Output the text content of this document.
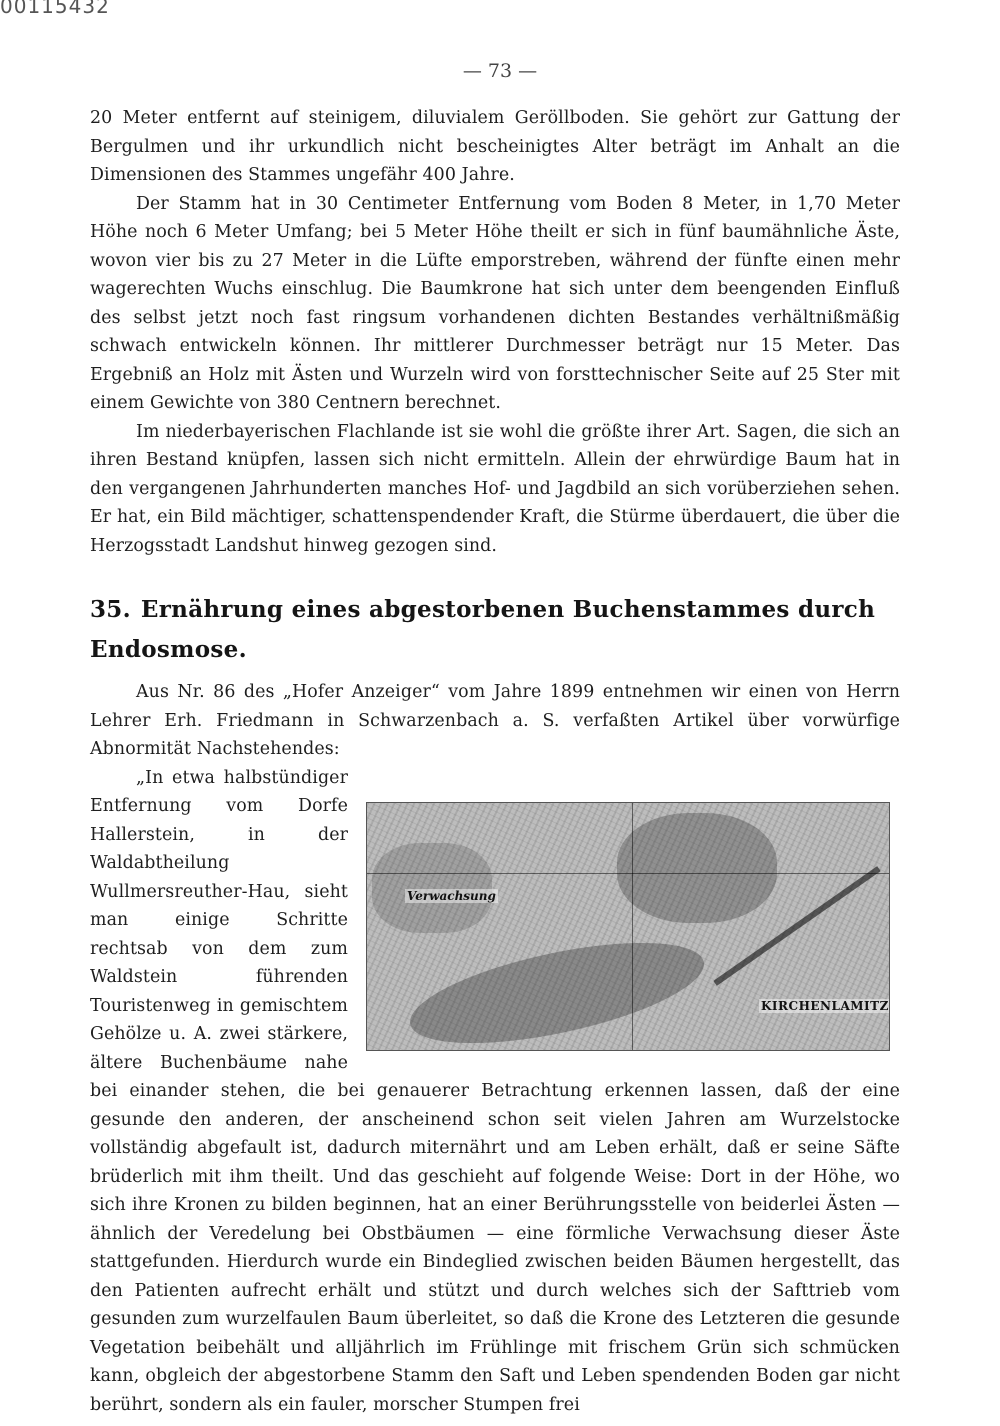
00115432
— 73 —

20 Meter entfernt auf steinigem, diluvialem Geröllboden. Sie gehört zur Gattung der Bergulmen und ihr urkundlich nicht bescheinigtes Alter beträgt im Anhalt an die Dimensionen des Stammes ungefähr 400 Jahre.

Der Stamm hat in 30 Centimeter Entfernung vom Boden 8 Meter, in 1,70 Meter Höhe noch 6 Meter Umfang; bei 5 Meter Höhe theilt er sich in fünf baumähnliche Äste, wovon vier bis zu 27 Meter in die Lüfte emporstreben, während der fünfte einen mehr wagerechten Wuchs einschlug. Die Baumkrone hat sich unter dem beengenden Einfluß des selbst jetzt noch fast ringsum vorhandenen dichten Bestandes verhältnißmäßig schwach entwickeln können. Ihr mittlerer Durchmesser beträgt nur 15 Meter. Das Ergebniß an Holz mit Ästen und Wurzeln wird von forsttechnischer Seite auf 25 Ster mit einem Gewichte von 380 Centnern berechnet.

Im niederbayerischen Flachlande ist sie wohl die größte ihrer Art. Sagen, die sich an ihren Bestand knüpfen, lassen sich nicht ermitteln. Allein der ehrwürdige Baum hat in den vergangenen Jahrhunderten manches Hof- und Jagdbild an sich vorüberziehen sehen. Er hat, ein Bild mächtiger, schattenspendender Kraft, die Stürme überdauert, die über die Herzogsstadt Landshut hinweg gezogen sind.

35. Ernährung eines abgestorbenen Buchenstammes durch Endosmose.

Aus Nr. 86 des „Hofer Anzeiger“ vom Jahre 1899 entnehmen wir einen von Herrn Lehrer Erh. Friedmann in Schwarzenbach a. S. verfaßten Artikel über vorwürfige Abnormität Nachstehendes:

Verwachsung
KIRCHENLAMITZ

„In etwa halbstündiger Entfernung vom Dorfe Hallerstein, in der Waldabtheilung Wullmersreuther-Hau, sieht man einige Schritte rechtsab von dem zum Waldstein führenden Touristenweg in gemischtem Gehölze u. A. zwei stärkere, ältere Buchenbäume nahe bei einander stehen, die bei genauerer Betrachtung erkennen lassen, daß der eine gesunde den anderen, der anscheinend schon seit vielen Jahren am Wurzelstocke vollständig abgefault ist, dadurch miternährt und am Leben erhält, daß er seine Säfte brüderlich mit ihm theilt. Und das geschieht auf folgende Weise: Dort in der Höhe, wo sich ihre Kronen zu bilden beginnen, hat an einer Berührungsstelle von beiderlei Ästen — ähnlich der Veredelung bei Obstbäumen — eine förmliche Verwachsung dieser Äste stattgefunden. Hierdurch wurde ein Bindeglied zwischen beiden Bäumen hergestellt, das den Patienten aufrecht erhält und stützt und durch welches sich der Safttrieb vom gesunden zum wurzelfaulen Baum überleitet, so daß die Krone des Letzteren die gesunde Vegetation beibehält und alljährlich im Frühlinge mit frischem Grün sich schmücken kann, obgleich der abgestorbene Stamm den Saft und Leben spendenden Boden gar nicht berührt, sondern als ein fauler, morscher Stumpen frei
